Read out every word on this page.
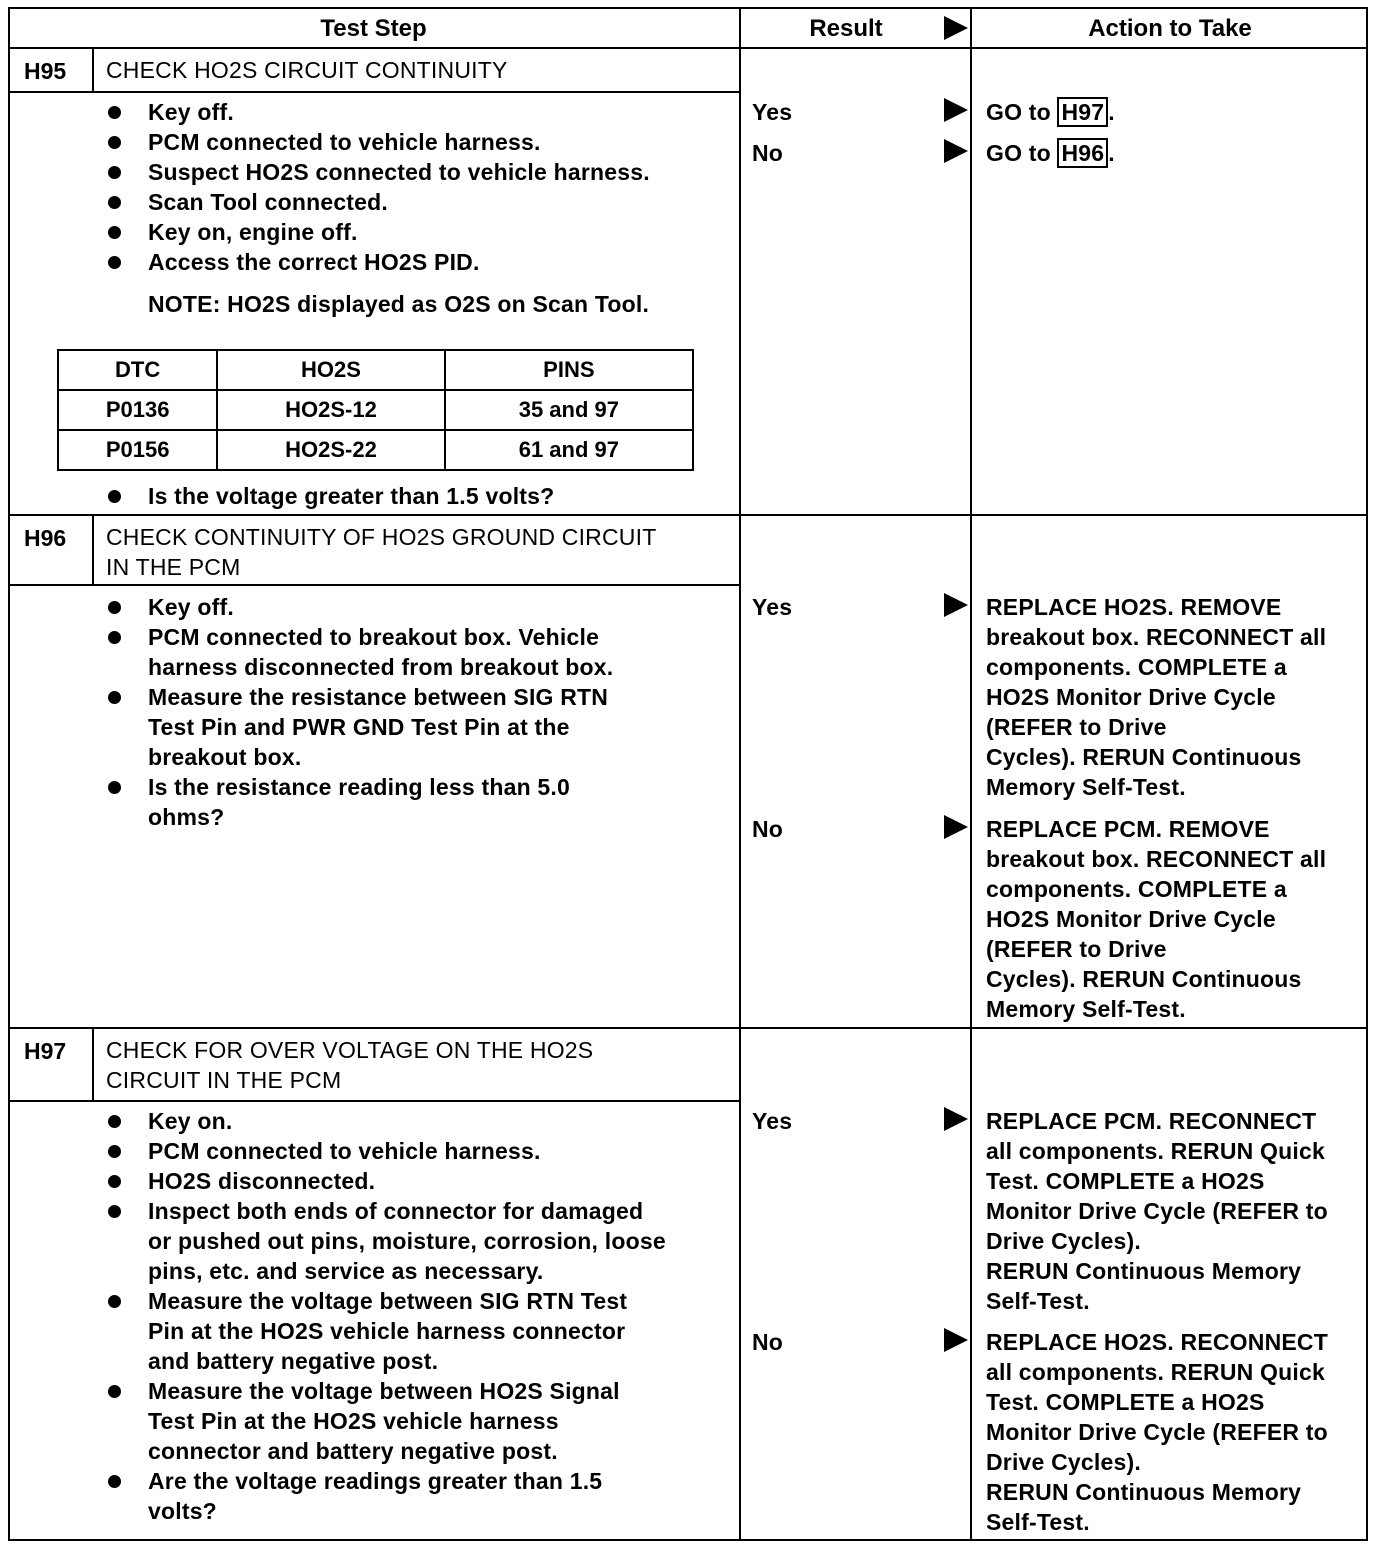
Test Step	Result	Action to Take
H95 CHECK HO2S CIRCUIT CONTINUITY
Key off.
PCM connected to vehicle harness.
Suspect HO2S connected to vehicle harness.
Scan Tool connected.
Key on, engine off.
Access the correct HO2S PID.
NOTE: HO2S displayed as O2S on Scan Tool.
DTC	HO2S	PINS
P0136	HO2S-12	35 and 97
P0156	HO2S-22	61 and 97
Is the voltage greater than 1.5 volts?
Yes	GO to H97 .
No	GO to H96 .
H96 CHECK CONTINUITY OF HO2S GROUND CIRCUIT
IN THE PCM
Key off.
PCM connected to breakout box. Vehicle
harness disconnected from breakout box.
Measure the resistance between SIG RTN
Test Pin and PWR GND Test Pin at the
breakout box.
Is the resistance reading less than 5.0
ohms?
Yes	REPLACE HO2S. REMOVE
breakout box. RECONNECT all
components. COMPLETE a
HO2S Monitor Drive Cycle
(REFER to Drive
Cycles). RERUN Continuous
Memory Self-Test.
No	REPLACE PCM. REMOVE
breakout box. RECONNECT all
components. COMPLETE a
HO2S Monitor Drive Cycle
(REFER to Drive
Cycles). RERUN Continuous
Memory Self-Test.
H97 CHECK FOR OVER VOLTAGE ON THE HO2S
CIRCUIT IN THE PCM
Key on.
PCM connected to vehicle harness.
HO2S disconnected.
Inspect both ends of connector for damaged
or pushed out pins, moisture, corrosion, loose
pins, etc. and service as necessary.
Measure the voltage between SIG RTN Test
Pin at the HO2S vehicle harness connector
and battery negative post.
Measure the voltage between HO2S Signal
Test Pin at the HO2S vehicle harness
connector and battery negative post.
Are the voltage readings greater than 1.5
volts?
Yes	REPLACE PCM. RECONNECT
all components. RERUN Quick
Test. COMPLETE a HO2S
Monitor Drive Cycle (REFER to
Drive Cycles).
RERUN Continuous Memory
Self-Test.
No	REPLACE HO2S. RECONNECT
all components. RERUN Quick
Test. COMPLETE a HO2S
Monitor Drive Cycle (REFER to
Drive Cycles).
RERUN Continuous Memory
Self-Test.
